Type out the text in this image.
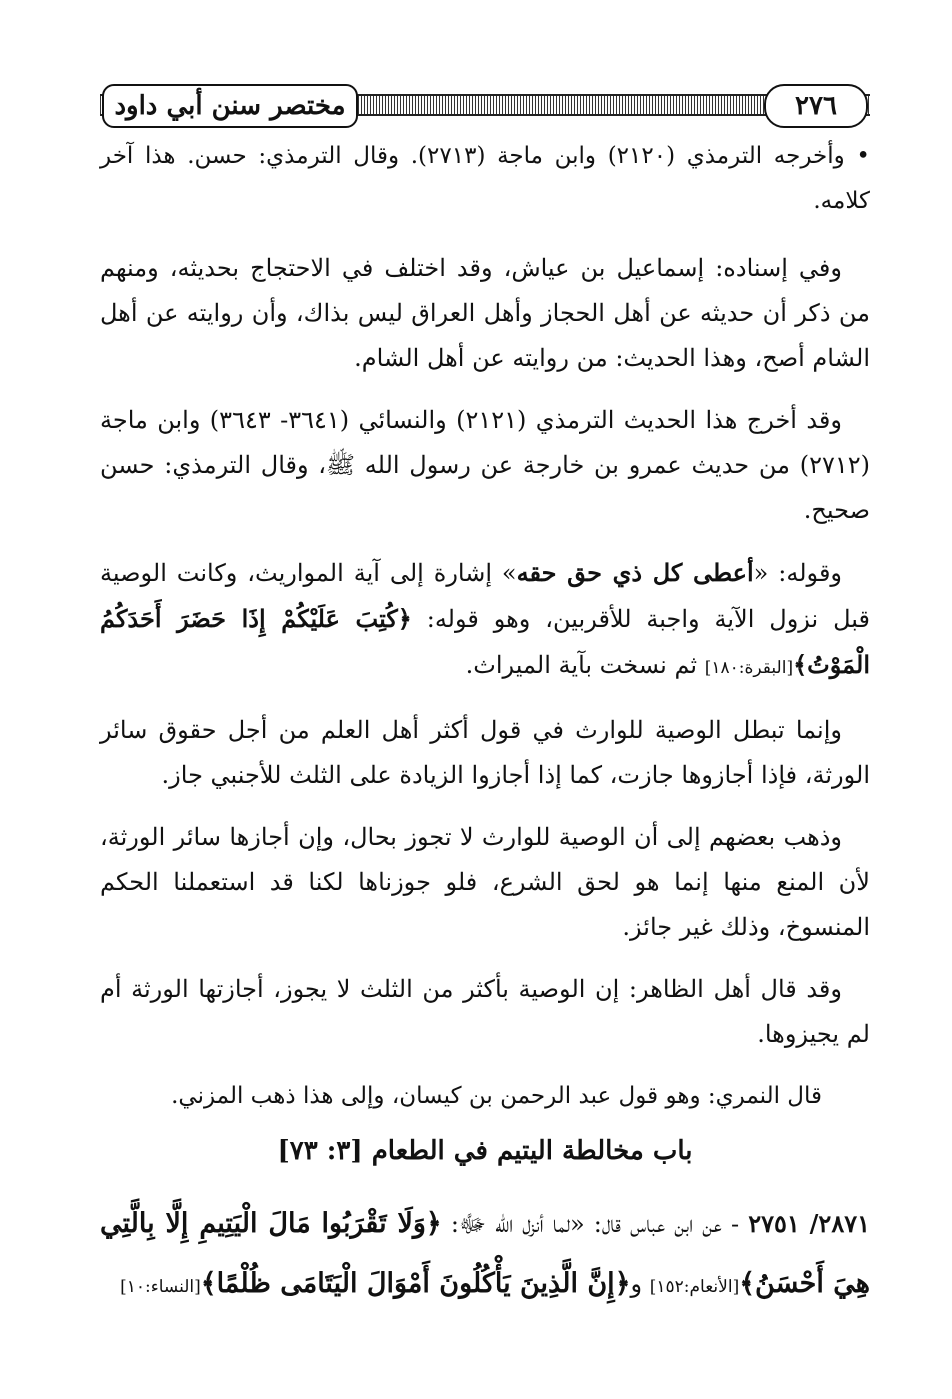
مختصر سنن أبي داود	٢٧٦

• وأخرجه الترمذي (٢١٢٠) وابن ماجة (٢٧١٣). وقال الترمذي: حسن. هذا آخر كلامه.

وفي إسناده: إسماعيل بن عياش، وقد اختلف في الاحتجاج بحديثه، ومنهم من ذكر أن حديثه عن أهل الحجاز وأهل العراق ليس بذاك، وأن روايته عن أهل الشام أصح، وهذا الحديث: من روايته عن أهل الشام.

وقد أخرج هذا الحديث الترمذي (٢١٢١) والنسائي (٣٦٤١- ٣٦٤٣) وابن ماجة (٢٧١٢) من حديث عمرو بن خارجة عن رسول الله ﷺ، وقال الترمذي: حسن صحيح.

وقوله: «أعطى كل ذي حق حقه» إشارة إلى آية المواريث، وكانت الوصية قبل نزول الآية واجبة للأقربين، وهو قوله: ﴿كُتِبَ عَلَيْكُمْ إِذَا حَضَرَ أَحَدَكُمُ الْمَوْتُ﴾[البقرة:١٨٠] ثم نسخت بآية الميراث.

وإنما تبطل الوصية للوارث في قول أكثر أهل العلم من أجل حقوق سائر الورثة، فإذا أجازوها جازت، كما إذا أجازوا الزيادة على الثلث للأجنبي جاز.

وذهب بعضهم إلى أن الوصية للوارث لا تجوز بحال، وإن أجازها سائر الورثة، لأن المنع منها إنما هو لحق الشرع، فلو جوزناها لكنا قد استعملنا الحكم المنسوخ، وذلك غير جائز.

وقد قال أهل الظاهر: إن الوصية بأكثر من الثلث لا يجوز، أجازتها الورثة أم لم يجيزوها.

قال النمري: وهو قول عبد الرحمن بن كيسان، وإلى هذا ذهب المزني.

باب مخالطة اليتيم في الطعام [٣: ٧٣]

٢٨٧١/ ٢٧٥١ - عن ابن عباس قال: «لما أنزل الله ﷻ: ﴿وَلَا تَقْرَبُوا مَالَ الْيَتِيمِ إِلَّا بِالَّتِي هِيَ أَحْسَنُ﴾[الأنعام:١٥٢] و﴿إِنَّ الَّذِينَ يَأْكُلُونَ أَمْوَالَ الْيَتَامَى ظُلْمًا﴾[النساء:١٠]
